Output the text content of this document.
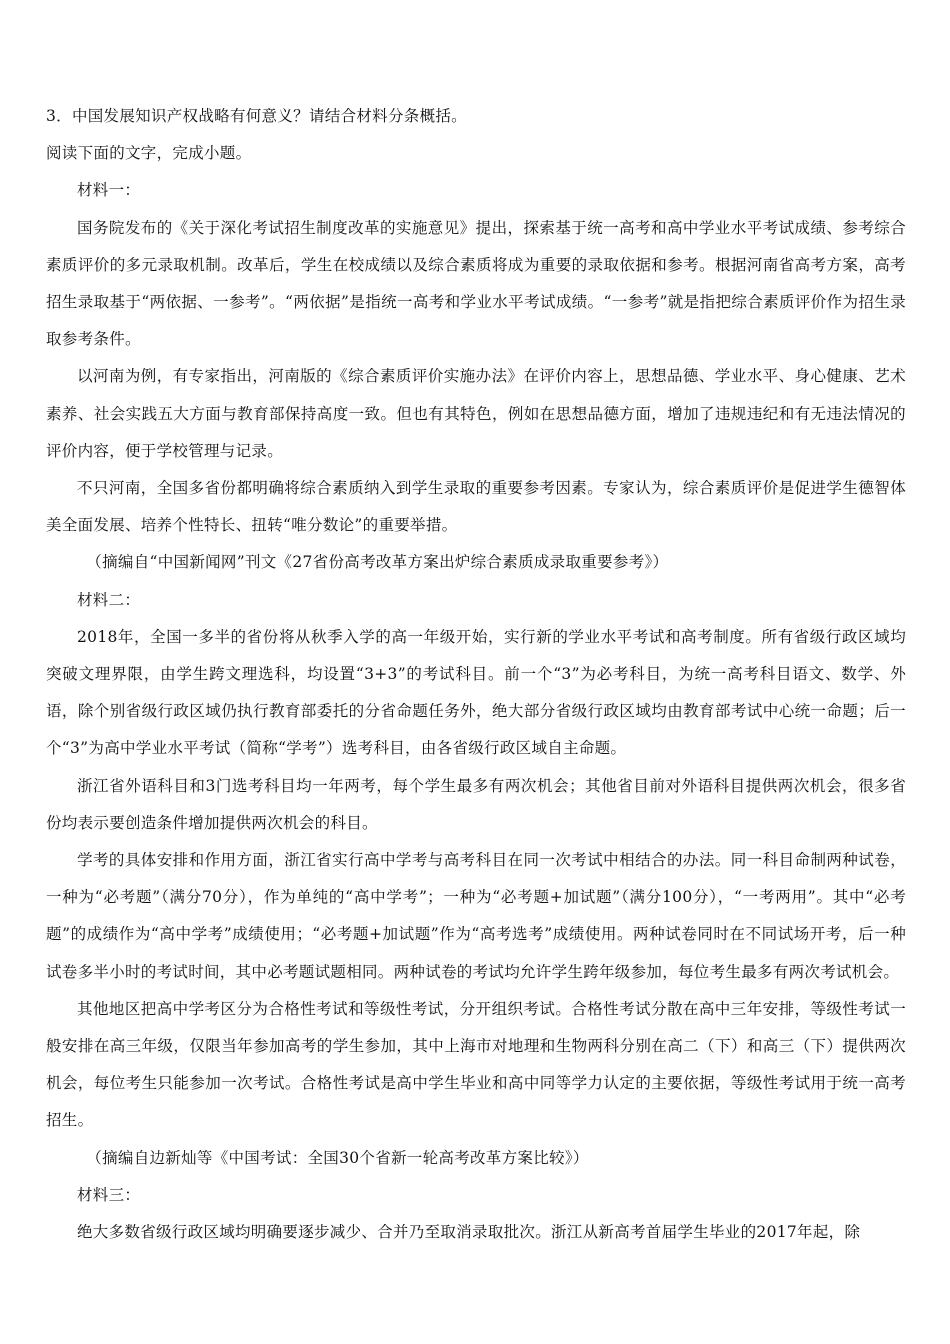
3．中国发展知识产权战略有何意义？请结合材料分条概括。

阅读下面的文字，完成小题。

材料一：

国务院发布的《关于深化考试招生制度改革的实施意见》提出，探索基于统一高考和高中学业水平考试成绩、参考综合素质评价的多元录取机制。改革后，学生在校成绩以及综合素质将成为重要的录取依据和参考。根据河南省高考方案，高考招生录取基于“两依据、一参考”。“两依据”是指统一高考和学业水平考试成绩。“一参考”就是指把综合素质评价作为招生录取参考条件。

以河南为例，有专家指出，河南版的《综合素质评价实施办法》在评价内容上，思想品德、学业水平、身心健康、艺术素养、社会实践五大方面与教育部保持高度一致。但也有其特色，例如在思想品德方面，增加了违规违纪和有无违法情况的评价内容，便于学校管理与记录。

不只河南，全国多省份都明确将综合素质纳入到学生录取的重要参考因素。专家认为，综合素质评价是促进学生德智体美全面发展、培养个性特长、扭转“唯分数论”的重要举措。

（摘编自“中国新闻网”刊文《27省份高考改革方案出炉综合素质成录取重要参考》）

材料二：

2018年，全国一多半的省份将从秋季入学的高一年级开始，实行新的学业水平考试和高考制度。所有省级行政区域均突破文理界限，由学生跨文理选科，均设置“3+3”的考试科目。前一个“3”为必考科目，为统一高考科目语文、数学、外语，除个别省级行政区域仍执行教育部委托的分省命题任务外，绝大部分省级行政区域均由教育部考试中心统一命题；后一个“3”为高中学业水平考试（简称“学考”）选考科目，由各省级行政区域自主命题。

浙江省外语科目和3门选考科目均一年两考，每个学生最多有两次机会；其他省目前对外语科目提供两次机会，很多省份均表示要创造条件增加提供两次机会的科目。

学考的具体安排和作用方面，浙江省实行高中学考与高考科目在同一次考试中相结合的办法。同一科目命制两种试卷，一种为“必考题”（满分70分），作为单纯的“高中学考”；一种为“必考题+加试题”（满分100分），“一考两用”。其中“必考题”的成绩作为“高中学考”成绩使用；“必考题+加试题”作为“高考选考”成绩使用。两种试卷同时在不同试场开考，后一种试卷多半小时的考试时间，其中必考题试题相同。两种试卷的考试均允许学生跨年级参加，每位考生最多有两次考试机会。

其他地区把高中学考区分为合格性考试和等级性考试，分开组织考试。合格性考试分散在高中三年安排，等级性考试一般安排在高三年级，仅限当年参加高考的学生参加，其中上海市对地理和生物两科分别在高二（下）和高三（下）提供两次机会，每位考生只能参加一次考试。合格性考试是高中学生毕业和高中同等学力认定的主要依据，等级性考试用于统一高考招生。

（摘编自边新灿等《中国考试：全国30个省新一轮高考改革方案比较》）

材料三：

绝大多数省级行政区域均明确要逐步减少、合并乃至取消录取批次。浙江从新高考首届学生毕业的2017年起，除
